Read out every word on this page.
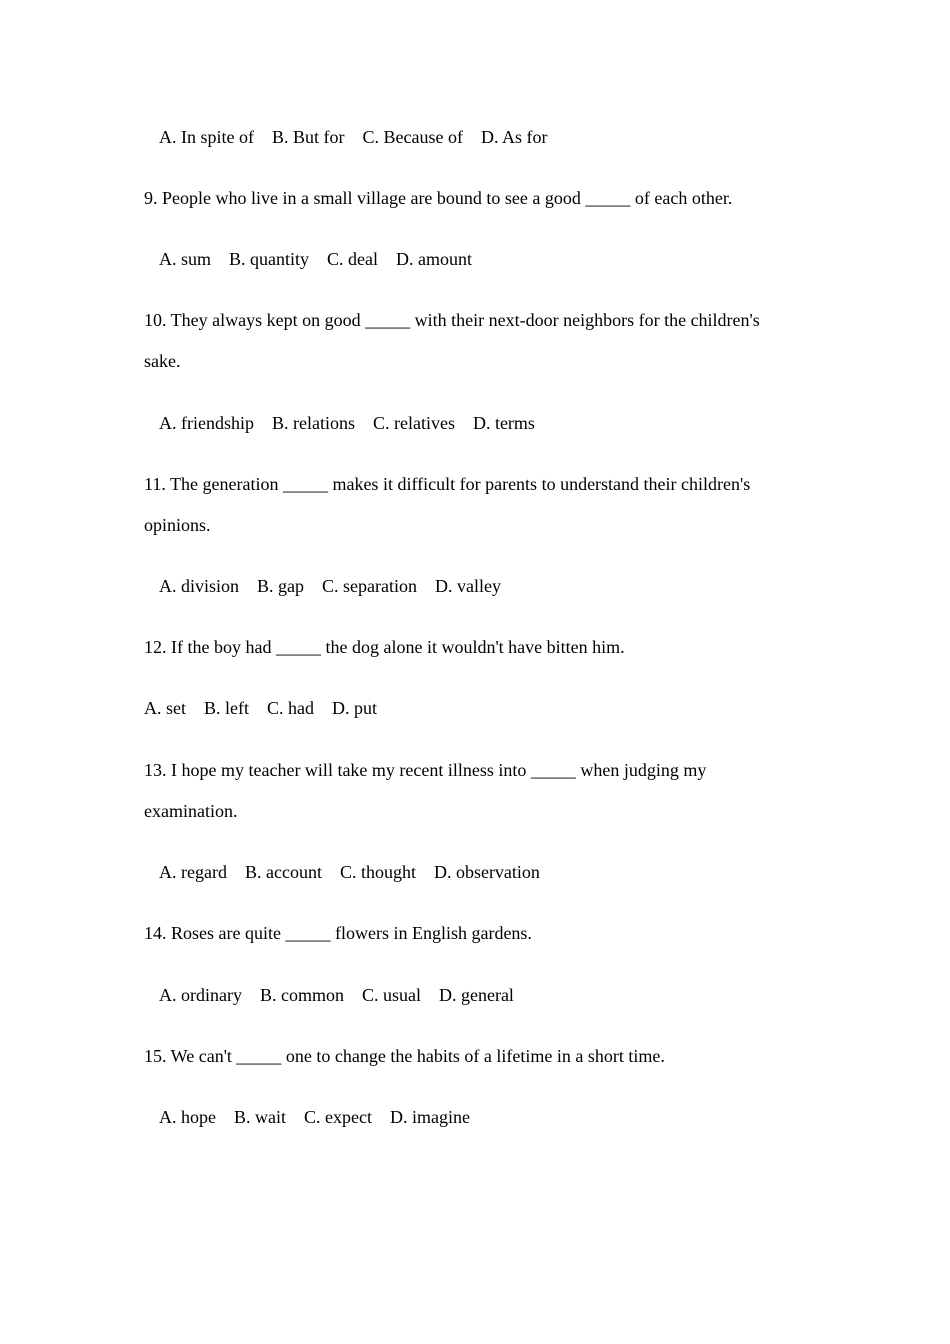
A. In spite of    B. But for    C. Because of    D. As for
9. People who live in a small village are bound to see a good _____ of each other.
A. sum    B. quantity    C. deal    D. amount
10. They always kept on good _____ with their next-door neighbors for the children's
sake.
A. friendship    B. relations    C. relatives    D. terms
11. The generation _____ makes it difficult for parents to understand their children's
opinions.
A. division    B. gap    C. separation    D. valley
12. If the boy had _____ the dog alone it wouldn't have bitten him.
A. set    B. left    C. had    D. put
13. I hope my teacher will take my recent illness into _____ when judging my
examination.
A. regard    B. account    C. thought    D. observation
14. Roses are quite _____ flowers in English gardens.
A. ordinary    B. common    C. usual    D. general
15. We can't _____ one to change the habits of a lifetime in a short time.
A. hope    B. wait    C. expect    D. imagine
